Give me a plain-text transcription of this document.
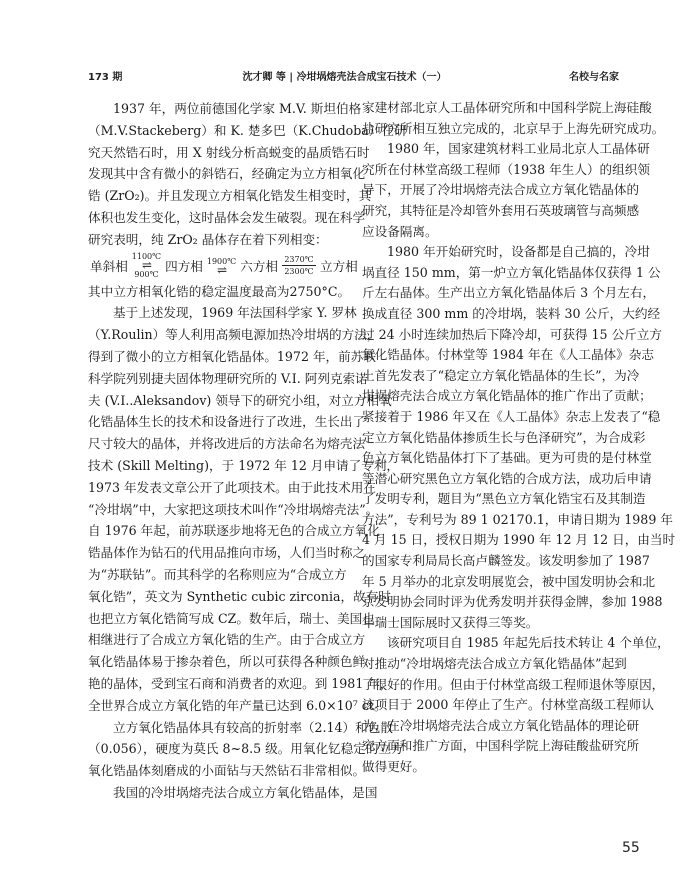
173 期	沈才卿 等 | 冷坩埚熔壳法合成宝石技术（一）	名校与名家
1937 年，两位前德国化学家 M.V. 斯坦伯格
（M.V.Stackeberg）和 K. 楚多巴（K.Chudoba）在研
究天然锆石时，用 X 射线分析高蜕变的晶质锆石时
发现其中含有微小的斜锆石，经确定为立方相氧化
锆 (ZrO₂)。并且发现立方相氧化锆发生相变时，其
体积也发生变化，这时晶体会发生破裂。现在科学
研究表明，纯 ZrO₂ 晶体存在着下列相变：
单斜相
1100℃
⇌
900℃
四方相 1900℃
⇌ 六方相 2370℃
2300℃ 立方相
其中立方相氧化锆的稳定温度最高为2750°C。
基于上述发现，1969 年法国科学家 Y. 罗林
（Y.Roulin）等人利用高频电源加热冷坩埚的方法，
得到了微小的立方相氧化锆晶体。1972 年，前苏联
科学院列别捷夫固体物理研究所的 V.I. 阿列克索诺
夫 (V.I..Aleksandov) 领导下的研究小组，对立方相氧
化锆晶体生长的技术和设备进行了改进，生长出了
尺寸较大的晶体，并将改进后的方法命名为熔壳法
技术 (Skill Melting)，于 1972 年 12 月申请了专利，
1973 年发表文章公开了此项技术。由于此技术用在
“冷坩埚”中，大家把这项技术叫作“冷坩埚熔壳法”。
自 1976 年起，前苏联逐步地将无色的合成立方氧化
锆晶体作为钻石的代用品推向市场，人们当时称之
为“苏联钻”。而其科学的名称则应为“合成立方
氧化锆”，英文为 Synthetic cubic zirconia，故有时
也把立方氧化锆简写成 CZ。数年后，瑞士、美国也
相继进行了合成立方氧化锆的生产。由于合成立方
氧化锆晶体易于掺杂着色，所以可获得各种颜色鲜
艳的晶体，受到宝石商和消费者的欢迎。到 1981 年，
全世界合成立方氧化锆的年产量已达到 6.0×10⁷ ct。
立方氧化锆晶体具有较高的折射率（2.14）和色散
（0.056），硬度为莫氏 8~8.5 级。用氧化钇稳定的立方
氧化锆晶体刻磨成的小面钻与天然钻石非常相似。
我国的冷坩埚熔壳法合成立方氧化锆晶体，是国
家建材部北京人工晶体研究所和中国科学院上海硅酸
盐研究所相互独立完成的，北京早于上海先研究成功。
1980 年，国家建筑材料工业局北京人工晶体研
究所在付林堂高级工程师（1938 年生人）的组织领
导下，开展了冷坩埚熔壳法合成立方氧化锆晶体的
研究，其特征是冷却管外套用石英玻璃管与高频感
应设备隔离。
1980 年开始研究时，设备都是自己搞的，冷坩
埚直径 150 mm，第一炉立方氧化锆晶体仅获得 1 公
斤左右晶体。生产出立方氧化锆晶体后 3 个月左右，
换成直径 300 mm 的冷坩埚，装料 30 公斤，大约经
过 24 小时连续加热后下降冷却，可获得 15 公斤立方
氧化锆晶体。付林堂等 1984 年在《人工晶体》杂志
上首先发表了“稳定立方氧化锆晶体的生长”，为冷
坩埚熔壳法合成立方氧化锆晶体的推广作出了贡献；
紧接着于 1986 年又在《人工晶体》杂志上发表了“稳
定立方氧化锆晶体掺质生长与色泽研究”，为合成彩
色立方氧化锆晶体打下了基础。更为可贵的是付林堂
等潜心研究黑色立方氧化锆的合成方法，成功后申请
了发明专利，题目为“黑色立方氧化锆宝石及其制造
方法”，专利号为 89 1 02170.1，申请日期为 1989 年
4 月 15 日，授权日期为 1990 年 12 月 12 日，由当时
的国家专利局局长高卢麟签发。该发明参加了 1987
年 5 月举办的北京发明展览会，被中国发明协会和北
京发明协会同时评为优秀发明并获得金牌，参加 1988
年瑞士国际展时又获得三等奖。
该研究项目自 1985 年起先后技术转让 4 个单位，
对推动“冷坩埚熔壳法合成立方氧化锆晶体”起到
了很好的作用。但由于付林堂高级工程师退休等原因，
该项目于 2000 年停止了生产。付林堂高级工程师认
为，在冷坩埚熔壳法合成立方氧化锆晶体的理论研
究方面和推广方面，中国科学院上海硅酸盐研究所
做得更好。
55
